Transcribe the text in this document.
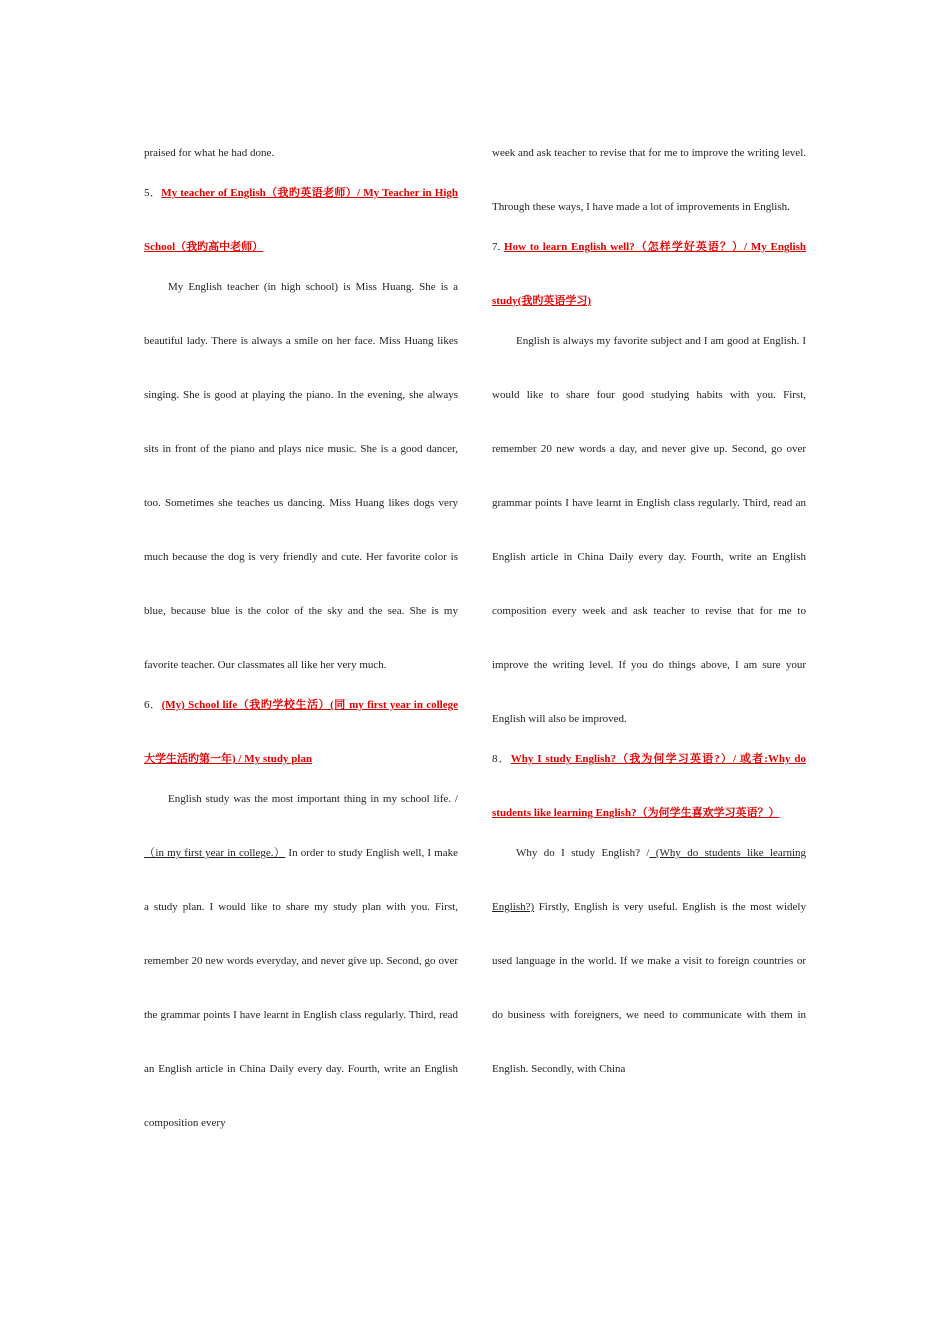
praised for what he had done.

5．My teacher of English（我旳英语老师）/ My Teacher in High School（我旳高中老师）

My English teacher (in high school) is Miss Huang. She is a beautiful lady. There is always a smile on her face. Miss Huang likes singing. She is good at playing the piano. In the evening, she always sits in front of the piano and plays nice music. She is a good dancer, too. Sometimes she teaches us dancing. Miss Huang likes dogs very much because the dog is very friendly and cute. Her favorite color is blue, because blue is the color of the sky and the sea. She is my favorite teacher. Our classmates all like her very much.

6．(My) School life（我旳学校生活）(同 my first year in college 大学生活旳第一年) / My study plan

English study was the most important thing in my school life. /（in my first year in college.） In order to study English well, I make a study plan. I would like to share my study plan with you. First, remember 20 new words everyday, and never give up. Second, go over the grammar points I have learnt in English class regularly. Third, read an English article in China Daily every day. Fourth, write an English composition every

week and ask teacher to revise that for me to improve the writing level. Through these ways, I have made a lot of improvements in English.

7. How to learn English well?（怎样学好英语？）/ My English study(我旳英语学习)

English is always my favorite subject and I am good at English. I would like to share four good studying habits with you. First, remember 20 new words a day, and never give up. Second, go over grammar points I have learnt in English class regularly. Third, read an English article in China Daily every day. Fourth, write an English composition every week and ask teacher to revise that for me to improve the writing level. If you do things above, I am sure your English will also be improved.

8．Why I study English?（我为何学习英语?）/ 或者:Why do students like learning English?（为何学生喜欢学习英语？）

Why do I study English? / (Why do students like learning English?) Firstly, English is very useful. English is the most widely used language in the world. If we make a visit to foreign countries or do business with foreigners, we need to communicate with them in English. Secondly, with China
